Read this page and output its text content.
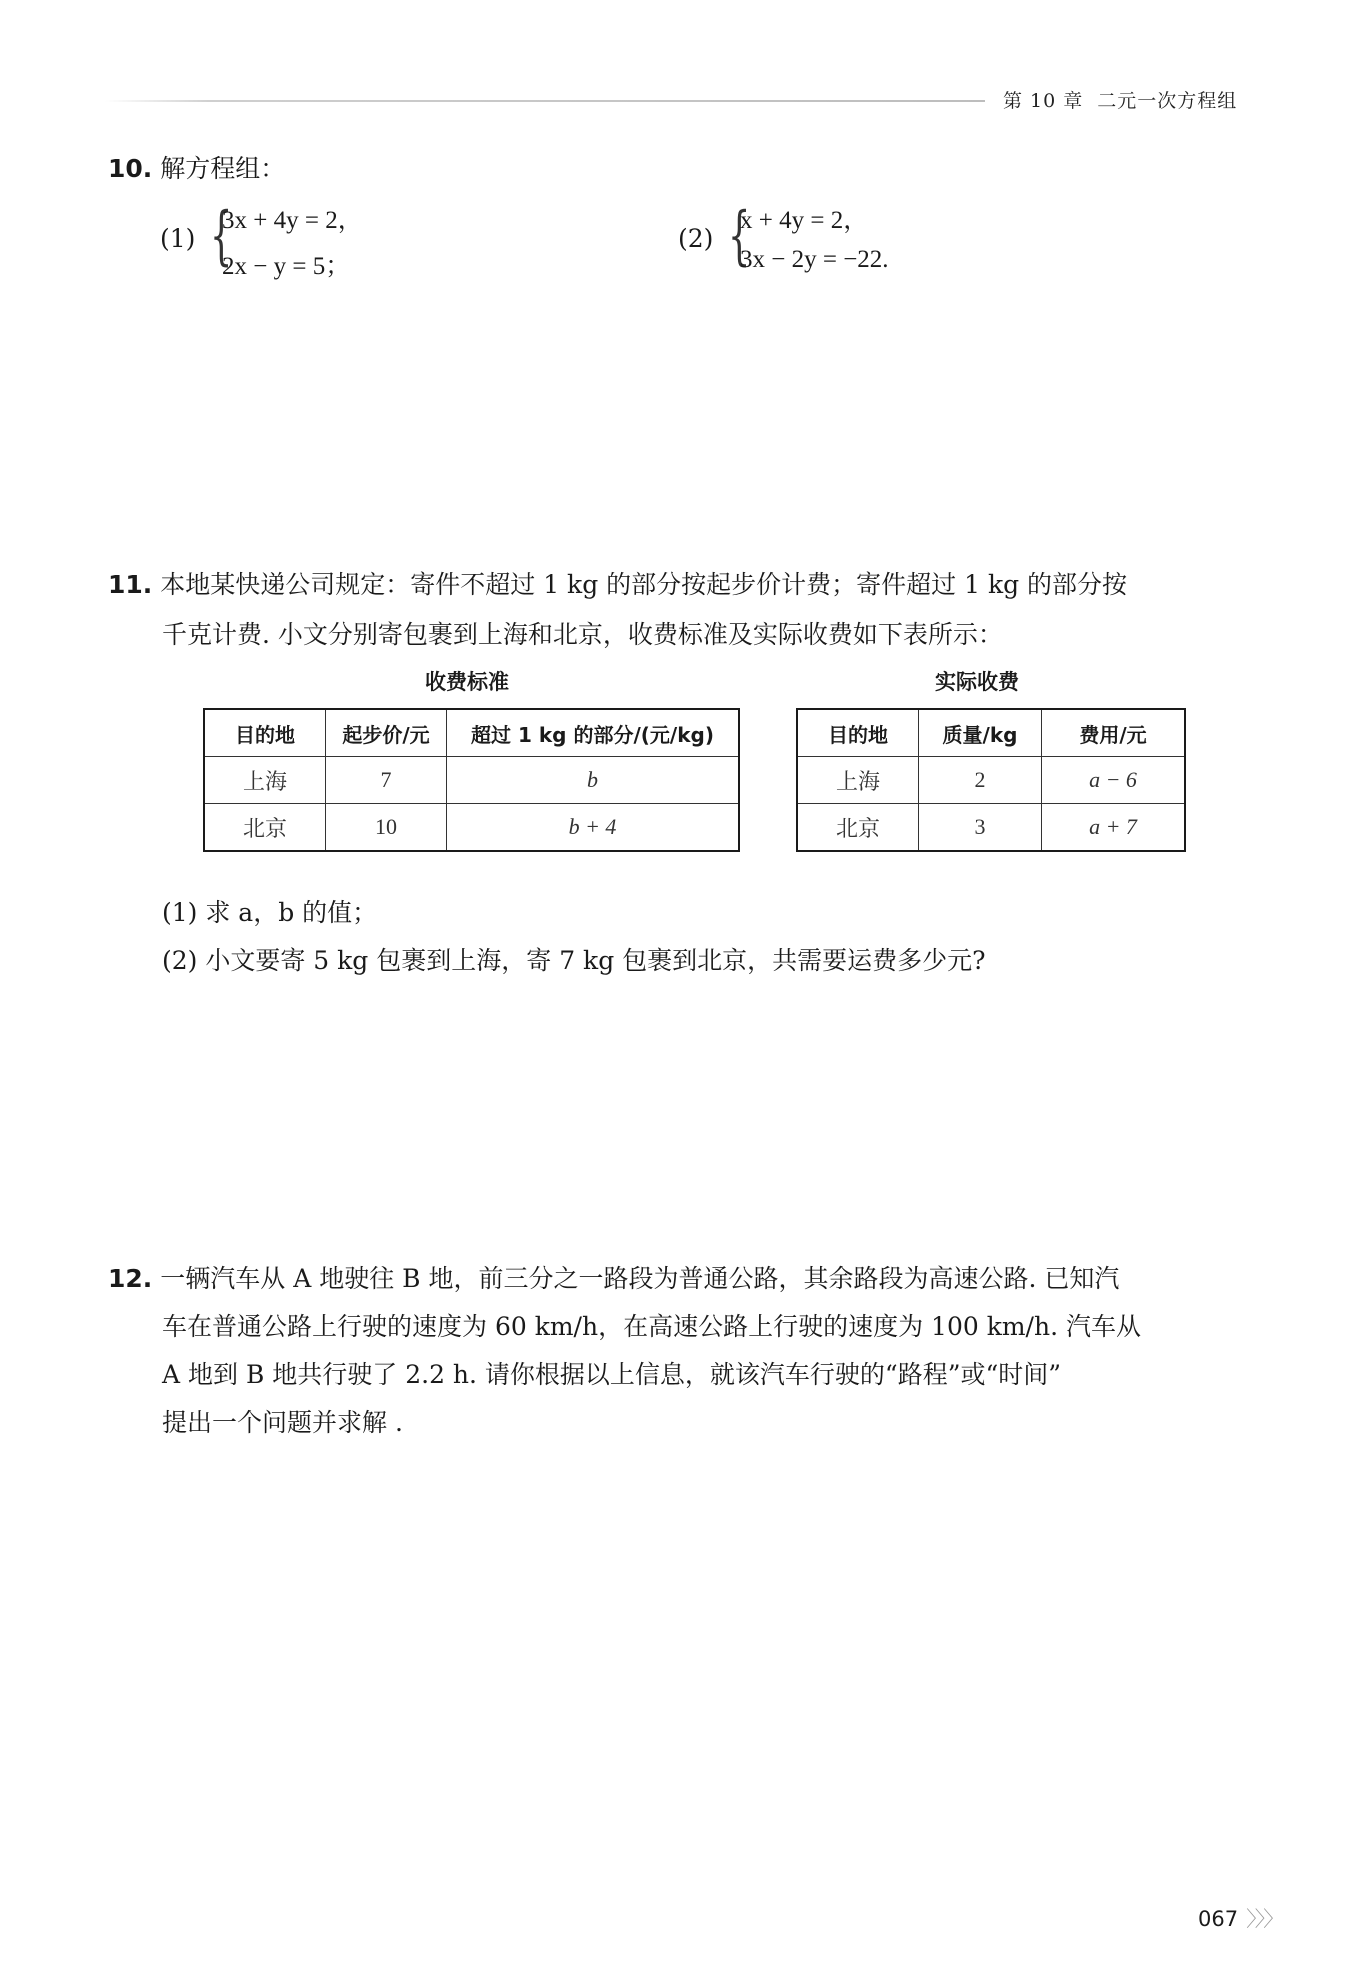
第 10 章 二元一次方程组
10. 解方程组：
(1) {
3x + 4y = 2，
2x − y = 5；
(2) {
x + 4y = 2，
3x − 2y = −22.
11. 本地某快递公司规定：寄件不超过 1 kg 的部分按起步价计费；寄件超过 1 kg 的部分按
千克计费. 小文分别寄包裹到上海和北京，收费标准及实际收费如下表所示：
收费标准	实际收费
目的地	起步价/元	超过 1 kg 的部分/(元/kg)
上海	7	b
北京	10	b + 4
目的地	质量/kg	费用/元
上海	2	a − 6
北京	3	a + 7
(1) 求 a，b 的值；
(2) 小文要寄 5 kg 包裹到上海，寄 7 kg 包裹到北京，共需要运费多少元?
12. 一辆汽车从 A 地驶往 B 地，前三分之一路段为普通公路，其余路段为高速公路. 已知汽
车在普通公路上行驶的速度为 60 km/h，在高速公路上行驶的速度为 100 km/h. 汽车从
A 地到 B 地共行驶了 2.2 h. 请你根据以上信息，就该汽车行驶的“路程”或“时间”
提出一个问题并求解 .
067 〉〉〉
